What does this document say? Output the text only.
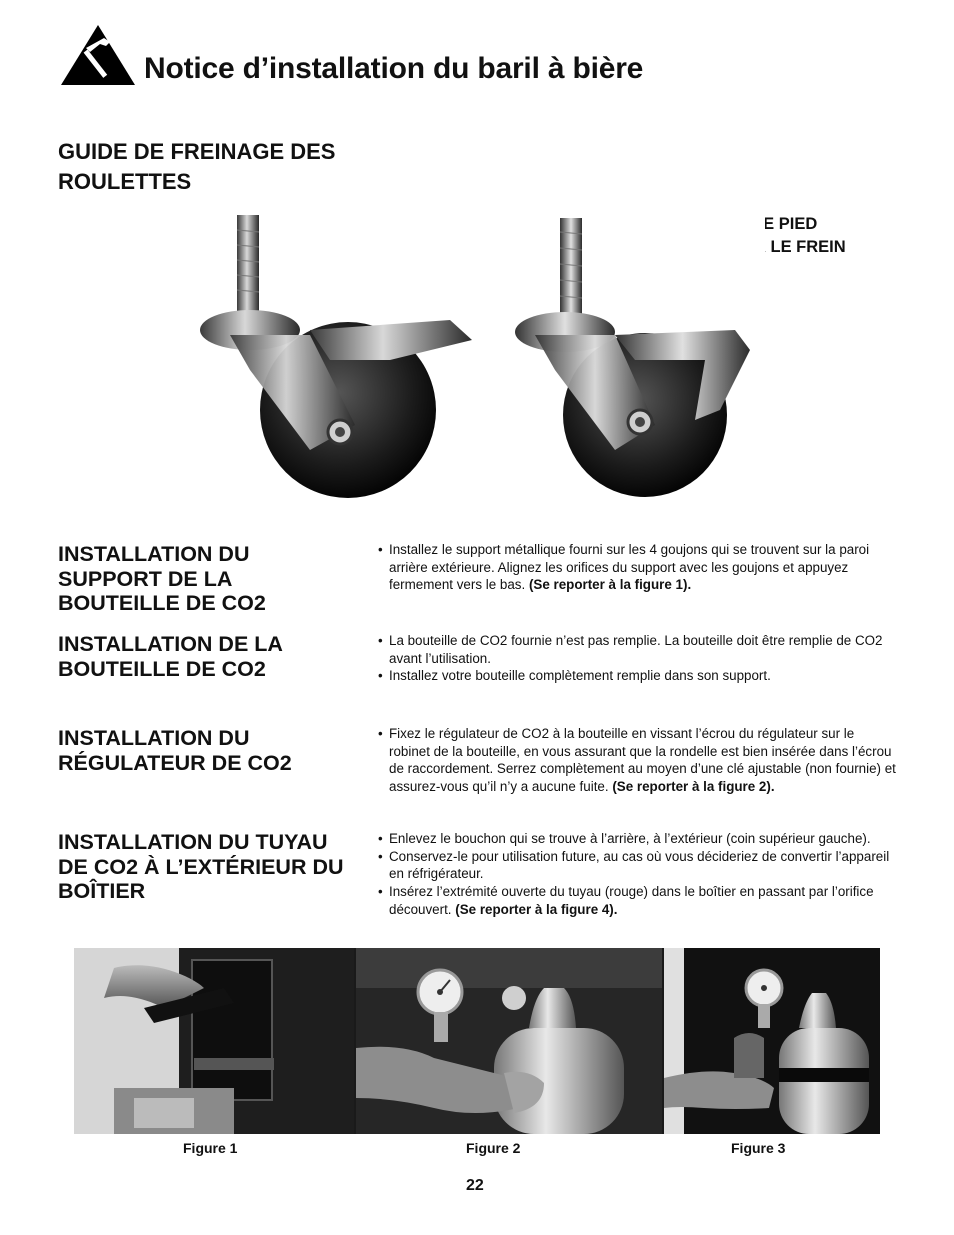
Notice d’installation du baril à bière
GUIDE DE FREINAGE DES ROULETTES
APPUYEZ AVEC LE PIED POUR FREINER
APPUYEZ AVEC LE PIED POUR RELÂCHER LE FREIN
INSTALLATION DU SUPPORT DE LA BOUTEILLE DE CO2
• Installez le support métallique fourni sur les 4 goujons qui se trouvent sur la paroi arrière extérieure. Alignez les orifices du support avec les goujons et appuyez fermement vers le bas. (Se reporter à la figure 1).
INSTALLATION DE LA BOUTEILLE DE CO2
• La bouteille de CO2 fournie n’est pas remplie. La bouteille doit être remplie de CO2 avant l’utilisation.
• Installez votre bouteille complètement remplie dans son support.
INSTALLATION DU RÉGULATEUR DE CO2
• Fixez le régulateur de CO2 à la bouteille en vissant l’écrou du régulateur sur le robinet de la bouteille, en vous assurant que la rondelle est bien insérée dans l’écrou de raccordement. Serrez complètement au moyen d’une clé ajustable (non fournie) et assurez-vous qu’il n’y a aucune fuite. (Se reporter à la figure 2).
INSTALLATION DU TUYAU DE CO2 À L’EXTÉRIEUR DU BOÎTIER
• Enlevez le bouchon qui se trouve à l’arrière, à l’extérieur (coin supérieur gauche).
• Conservez-le pour utilisation future, au cas où vous décideriez de convertir l’appareil en réfrigérateur.
• Insérez l’extrémité ouverte du tuyau (rouge) dans le boîtier en passant par l’orifice découvert. (Se reporter à la figure 4).
Figure 1	Figure 2	Figure 3
22
